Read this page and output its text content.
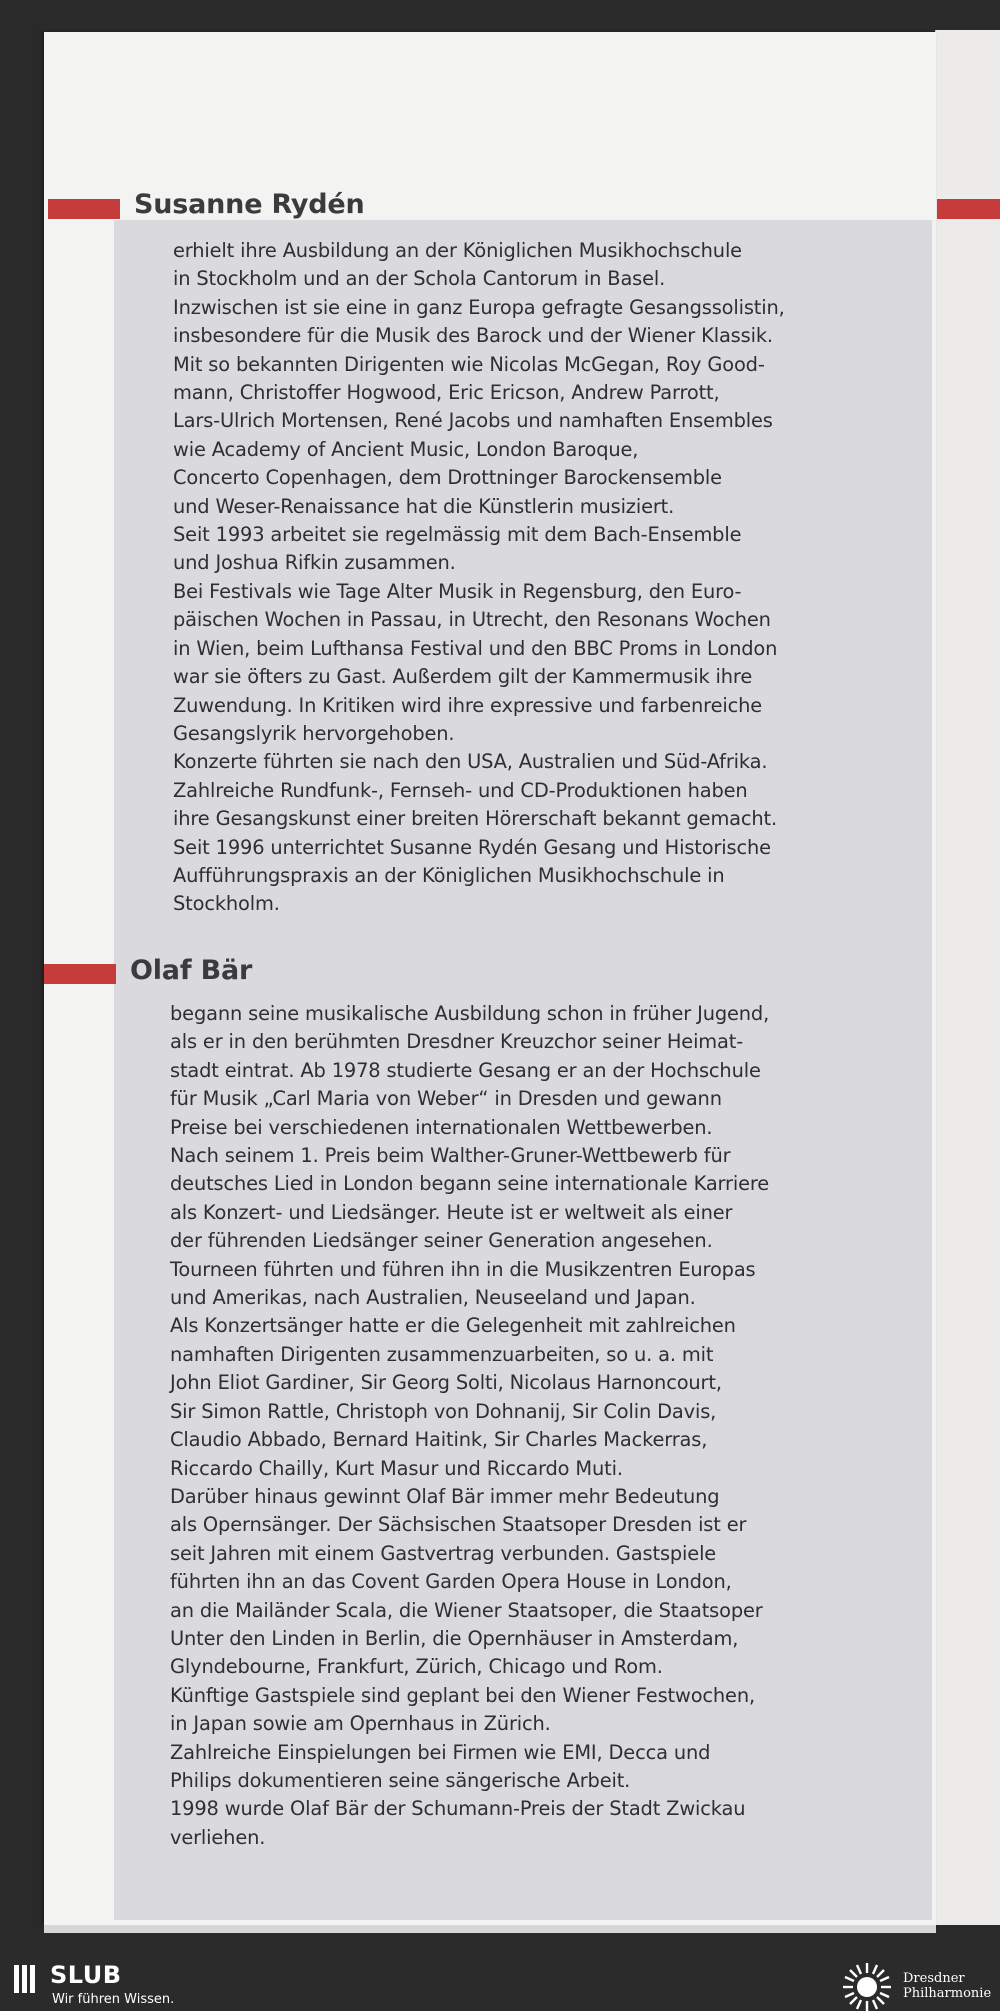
Susanne Rydén
erhielt ihre Ausbildung an der Königlichen Musikhochschule
in Stockholm und an der Schola Cantorum in Basel.
Inzwischen ist sie eine in ganz Europa gefragte Gesangssolistin,
insbesondere für die Musik des Barock und der Wiener Klassik.
Mit so bekannten Dirigenten wie Nicolas McGegan, Roy Good-
mann, Christoffer Hogwood, Eric Ericson, Andrew Parrott,
Lars-Ulrich Mortensen, René Jacobs und namhaften Ensembles
wie Academy of Ancient Music, London Baroque,
Concerto Copenhagen, dem Drottninger Barockensemble
und Weser-Renaissance hat die Künstlerin musiziert.
Seit 1993 arbeitet sie regelmässig mit dem Bach-Ensemble
und Joshua Rifkin zusammen.
Bei Festivals wie Tage Alter Musik in Regensburg, den Euro-
päischen Wochen in Passau, in Utrecht, den Resonans Wochen
in Wien, beim Lufthansa Festival und den BBC Proms in London
war sie öfters zu Gast. Außerdem gilt der Kammermusik ihre
Zuwendung. In Kritiken wird ihre expressive und farbenreiche
Gesangslyrik hervorgehoben.
Konzerte führten sie nach den USA, Australien und Süd-Afrika.
Zahlreiche Rundfunk-, Fernseh- und CD-Produktionen haben
ihre Gesangskunst einer breiten Hörerschaft bekannt gemacht.
Seit 1996 unterrichtet Susanne Rydén Gesang und Historische
Aufführungspraxis an der Königlichen Musikhochschule in
Stockholm.
Olaf Bär
begann seine musikalische Ausbildung schon in früher Jugend,
als er in den berühmten Dresdner Kreuzchor seiner Heimat-
stadt eintrat. Ab 1978 studierte Gesang er an der Hochschule
für Musik „Carl Maria von Weber“ in Dresden und gewann
Preise bei verschiedenen internationalen Wettbewerben.
Nach seinem 1. Preis beim Walther-Gruner-Wettbewerb für
deutsches Lied in London begann seine internationale Karriere
als Konzert- und Liedsänger. Heute ist er weltweit als einer
der führenden Liedsänger seiner Generation angesehen.
Tourneen führten und führen ihn in die Musikzentren Europas
und Amerikas, nach Australien, Neuseeland und Japan.
Als Konzertsänger hatte er die Gelegenheit mit zahlreichen
namhaften Dirigenten zusammenzuarbeiten, so u. a. mit
John Eliot Gardiner, Sir Georg Solti, Nicolaus Harnoncourt,
Sir Simon Rattle, Christoph von Dohnanij, Sir Colin Davis,
Claudio Abbado, Bernard Haitink, Sir Charles Mackerras,
Riccardo Chailly, Kurt Masur und Riccardo Muti.
Darüber hinaus gewinnt Olaf Bär immer mehr Bedeutung
als Opernsänger. Der Sächsischen Staatsoper Dresden ist er
seit Jahren mit einem Gastvertrag verbunden. Gastspiele
führten ihn an das Covent Garden Opera House in London,
an die Mailänder Scala, die Wiener Staatsoper, die Staatsoper
Unter den Linden in Berlin, die Opernhäuser in Amsterdam,
Glyndebourne, Frankfurt, Zürich, Chicago und Rom.
Künftige Gastspiele sind geplant bei den Wiener Festwochen,
in Japan sowie am Opernhaus in Zürich.
Zahlreiche Einspielungen bei Firmen wie EMI, Decca und
Philips dokumentieren seine sängerische Arbeit.
1998 wurde Olaf Bär der Schumann-Preis der Stadt Zwickau
verliehen.
SLUB
Wir führen Wissen.
Dresdner
Philharmonie
